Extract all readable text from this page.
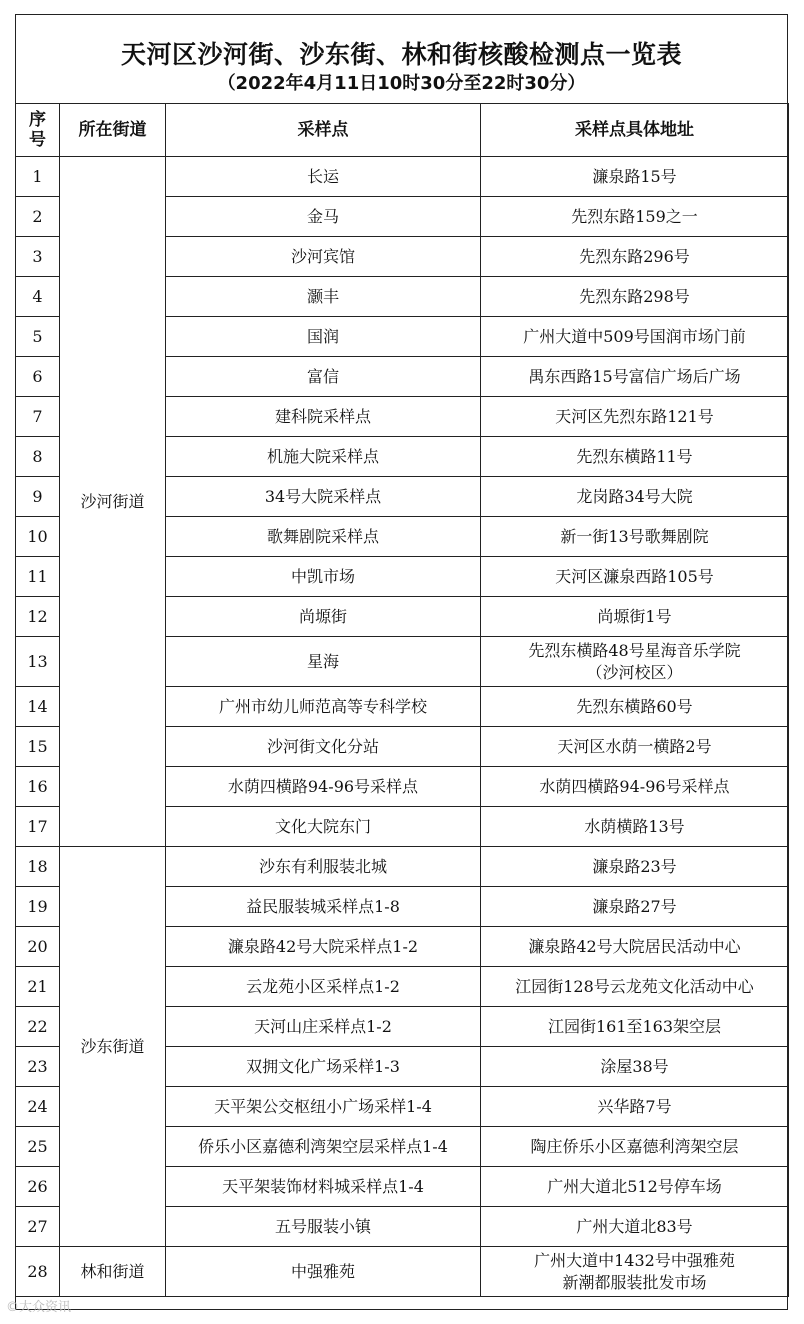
天河区沙河街、沙东街、林和街核酸检测点一览表
（2022年4月11日10时30分至22时30分）
序
号	所在街道	采样点	采样点具体地址
1	沙河街道	长运	濂泉路15号
2		金马	先烈东路159之一
3		沙河宾馆	先烈东路296号
4		灏丰	先烈东路298号
5		国润	广州大道中509号国润市场门前
6		富信	禺东西路15号富信广场后广场
7		建科院采样点	天河区先烈东路121号
8		机施大院采样点	先烈东横路11号
9		34号大院采样点	龙岗路34号大院
10		歌舞剧院采样点	新一街13号歌舞剧院
11		中凯市场	天河区濂泉西路105号
12		尚塬街	尚塬街1号
13		星海	先烈东横路48号星海音乐学院
（沙河校区）
14		广州市幼儿师范高等专科学校	先烈东横路60号
15		沙河街文化分站	天河区水荫一横路2号
16		水荫四横路94-96号采样点	水荫四横路94-96号采样点
17		文化大院东门	水荫横路13号
18	沙东街道	沙东有利服装北城	濂泉路23号
19		益民服装城采样点1-8	濂泉路27号
20		濂泉路42号大院采样点1-2	濂泉路42号大院居民活动中心
21		云龙苑小区采样点1-2	江园街128号云龙苑文化活动中心
22		天河山庄采样点1-2	江园街161至163架空层
23		双拥文化广场采样1-3	涂屋38号
24		天平架公交枢纽小广场采样1-4	兴华路7号
25		侨乐小区嘉德利湾架空层采样点1-4	陶庄侨乐小区嘉德利湾架空层
26		天平架装饰材料城采样点1-4	广州大道北512号停车场
27		五号服装小镇	广州大道北83号
28	林和街道	中强雅苑	广州大道中1432号中强雅苑
新潮都服装批发市场
©大众资讯
